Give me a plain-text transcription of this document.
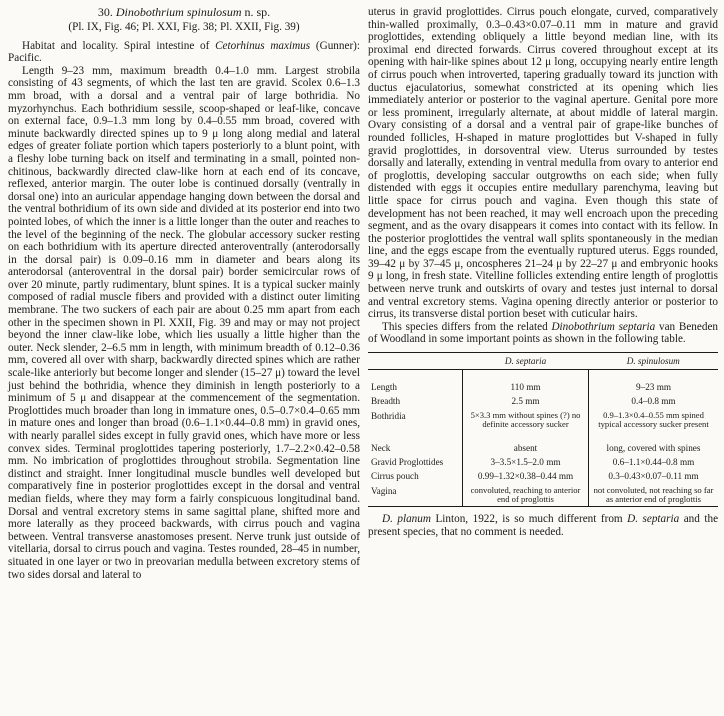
30. Dinobothrium spinulosum n. sp.

(Pl. IX, Fig. 46; Pl. XXI, Fig. 38; Pl. XXII, Fig. 39)

Habitat and locality. Spiral intestine of Cetorhinus maximus (Gunner): Pacific.

Length 9–23 mm, maximum breadth 0.4–1.0 mm. Largest strobila consisting of 43 segments, of which the last ten are gravid. Scolex 0.6–1.3 mm broad, with a dorsal and a ventral pair of large bothridia. No myzorhynchus. Each bothridium sessile, scoop-shaped or leaf-like, concave on external face, 0.9–1.3 mm long by 0.4–0.55 mm broad, covered with minute backwardly directed spines up to 9 μ long along medial and lateral edges of greater foliate portion which tapers posteriorly to a blunt point, with a fleshy lobe turning back on itself and terminating in a small, pointed non-chitinous, backwardly directed claw-like horn at each end of its concave, reflexed, anterior margin. The outer lobe is continued dorsally (ventrally in dorsal one) into an auricular appendage hanging down between the dorsal and the ventral bothridium of its own side and divided at its posterior end into two pointed lobes, of which the inner is a little longer than the outer and reaches to the level of the beginning of the neck. The globular accessory sucker resting on each bothridium with its aperture directed anteroventrally (anterodorsally in the dorsal pair) is 0.09–0.16 mm in diameter and bears along its anterodorsal (anteroventral in the dorsal pair) border semicircular rows of over 20 minute, partly rudimentary, blunt spines. It is a typical sucker mainly composed of radial muscle fibers and provided with a distinct outer limiting membrane. The two suckers of each pair are about 0.25 mm apart from each other in the specimen shown in Pl. XXII, Fig. 39 and may or may not project beyond the inner claw-like lobe, which lies usually a little higher than the outer. Neck slender, 2–6.5 mm in length, with minimum breadth of 0.12–0.36 mm, covered all over with sharp, backwardly directed spines which are rather scale-like anteriorly but become longer and slender (15–27 μ) toward the level just behind the bothridia, whence they diminish in length posteriorly to a minimum of 5 μ and disappear at the commencement of the segmentation. Proglottides much broader than long in immature ones, 0.5–0.7×0.4–0.65 mm in mature ones and longer than broad (0.6–1.1×0.44–0.8 mm) in gravid ones, with nearly parallel sides except in fully gravid ones, which have more or less convex sides. Terminal proglottides tapering posteriorly, 1.7–2.2×0.42–0.58 mm. No imbrication of proglottides throughout strobila. Segmentation line distinct and straight. Inner longitudinal muscle bundles well developed but comparatively fine in posterior proglottides except in the dorsal and ventral median fields, where they may form a fairly conspicuous longitudinal band. Dorsal and ventral excretory stems in same sagittal plane, shifted more and more laterally as they proceed backwards, with cirrus pouch and vagina between. Ventral transverse anastomoses present. Nerve trunk just outside of vitellaria, dorsal to cirrus pouch and vagina. Testes rounded, 28–45 in number, situated in one layer or two in preovarian medulla between excretory stems of two sides dorsal and lateral to

uterus in gravid proglottides. Cirrus pouch elongate, curved, comparatively thin-walled proximally, 0.3–0.43×0.07–0.11 mm in mature and gravid proglottides, extending obliquely a little beyond median line, with its proximal end directed forwards. Cirrus covered throughout except at its opening with hair-like spines about 12 μ long, occupying nearly entire length of cirrus pouch when introverted, tapering gradually toward its junction with ductus ejaculatorius, somewhat constricted at its opening which lies immediately anterior or posterior to the vaginal aperture. Genital pore more or less prominent, irregularly alternate, at about middle of lateral margin. Ovary consisting of a dorsal and a ventral pair of grape-like bunches of rounded follicles, H-shaped in mature proglottides but V-shaped in fully gravid proglottides, in dorsoventral view. Uterus surrounded by testes dorsally and laterally, extending in ventral medulla from ovary to anterior end of proglottis, developing saccular outgrowths on each side; when fully distended with eggs it occupies entire medullary parenchyma, leaving but little space for cirrus pouch and vagina. Even though this state of development has not been reached, it may well encroach upon the preceding segment, and as the ovary disappears it comes into contact with its fellow. In the posterior proglottides the ventral wall splits spontaneously in the median line, and the eggs escape from the eventually ruptured uterus. Eggs rounded, 39–42 μ by 37–45 μ, oncospheres 21–24 μ by 22–27 μ and embryonic hooks 9 μ long, in fresh state. Vitelline follicles extending entire length of proglottis between nerve trunk and outskirts of ovary and testes just internal to dorsal and ventral excretory stems. Vagina opening directly anterior or posterior to cirrus, its transverse distal portion beset with cuticular hairs.

This species differs from the related Dinobothrium septaria van Beneden of Woodland in some important points as shown in the following table.

	D. septaria	D. spinulosum

Length	110 mm	9–23 mm
Breadth	2.5 mm	0.4–0.8 mm
Bothridia	5×3.3 mm without spines (?) no definite accessory sucker	0.9–1.3×0.4–0.55 mm spined typical accessory sucker present

Neck	absent	long, covered with spines
Gravid Proglottides	3–3.5×1.5–2.0 mm	0.6–1.1×0.44–0.8 mm
Cirrus pouch	0.99–1.32×0.38–0.44 mm	0.3–0.43×0.07–0.11 mm
Vagina	convoluted, reaching to anterior end of proglottis	not convoluted, not reaching so far as anterior end of proglottis

D. planum Linton, 1922, is so much different from D. septaria and the present species, that no comment is needed.
